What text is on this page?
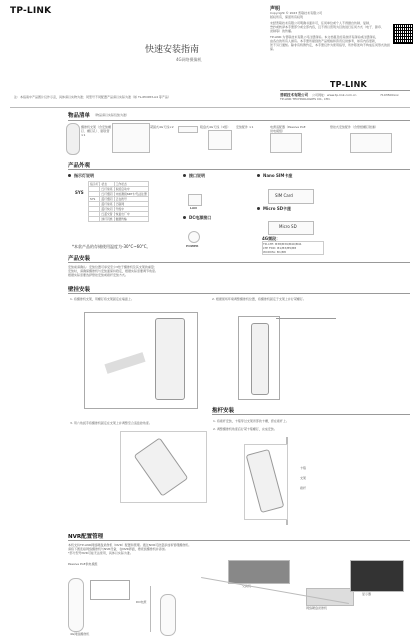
TP-LINK	声明
Copyright © 2023 普联技术有限公司
版权所有，保留所有权利
未经普联技术有限公司明确书面许可，任何单位或个人不得擅自仿制、复制、
誊抄或转译本手册部分或全部内容，且不得以营利为目的进行任何方式（电子、影印、
录制等）的传播。
TP-LINK 为普联技术有限公司注册商标。本文档提及的其他所有商标或注册商标，
由各自的所有人拥有。本手册所提到的产品规格和资讯仅供参考，如有内容更新，
恕不另行通知。除非有特殊约定，本手册仅作为使用指导，所作陈述均不构成任何形式的担保。
快速安装指南
4G网络摄像机
TP-LINK
普联技术有限公司
TP-LINK TECHNOLOGIES CO., LTD.
公司网址：www.tp-link.com.cn	7103500xxx
注：本指南中产品图片仅作示意，具体请以实物为准；同型号不同配置产品请以实际为准（如 TL-IPC683-A4 等产品）
物品清单 （物品请以实际包装为准）
摄像机支架（含安装螺钉、螺钉孔）、膨胀管×1
紧固式4G天线×2	吸盘式4G天线（1组）	安装配件 ×1	电源适配器（Passive PoE供电模组）
壁挂式安装配件（含壁纸螺钉胶塞）
产品外观
指示灯说明
SYS
指示灯	状态	工作状态
	红灯常亮	系统启动中
	红灯慢闪	未检测到SIM卡/无法注册
SYS	蓝灯慢闪	正在拨号
	蓝灯常亮	已联网
	蓝灯快闪	升级中
	红蓝交替	恢复出厂中
	绿灯闪烁	数据传输
*本款产品的存储使用温度为-30°C~60°C。
接口说明
LAN
DC电源接口
POWER
Nano SIM卡座
SIM Card
Micro SD卡座
Micro SD
4G频段：
TD-LTE: B38/B39/B40/B41
LTE FDD: B1/B3/B5/B8
WCDMA: B1/B8
产品安装
安装前请确认：安装位置可承受至少3倍于摄像机及其支架的重量；
安装时，请确保摄像机与安装面保持稳定，根据实际需要调节角度。
根据实际需要选择壁挂安装或抱杆安装方式。
壁挂安装
1. 将摄像机支架，用螺钉将支架固定在墙面上。	2. 根据现场环境调整摄像机位置，将摄像机固定于支架上并拧紧螺钉。
3. 用六角扳手将摄像机固定在支架上并调整至合适监控角度。
抱杆安装
1. 将抱杆安装，卡箍穿过支架背部的卡槽，套在抱杆上。
2. 调整摄像机角度后拧紧卡箍螺钉，完成安装。
卡箍
支架
抱杆
NVR配置管理
本机支持TP-LINK网络硬盘录像机（NVR）配置和管理。通过NVR可批量添加和管理摄像机。
请将下图连接网络摄像机与NVR设备，在NVR界面，搜索到摄像机并添加。
*部分型号NVR可能无法使用，具体以实际为准。
Passive PoE供电模组
4G网络摄像机
DC电源
交换机
网络硬盘录像机
显示器
